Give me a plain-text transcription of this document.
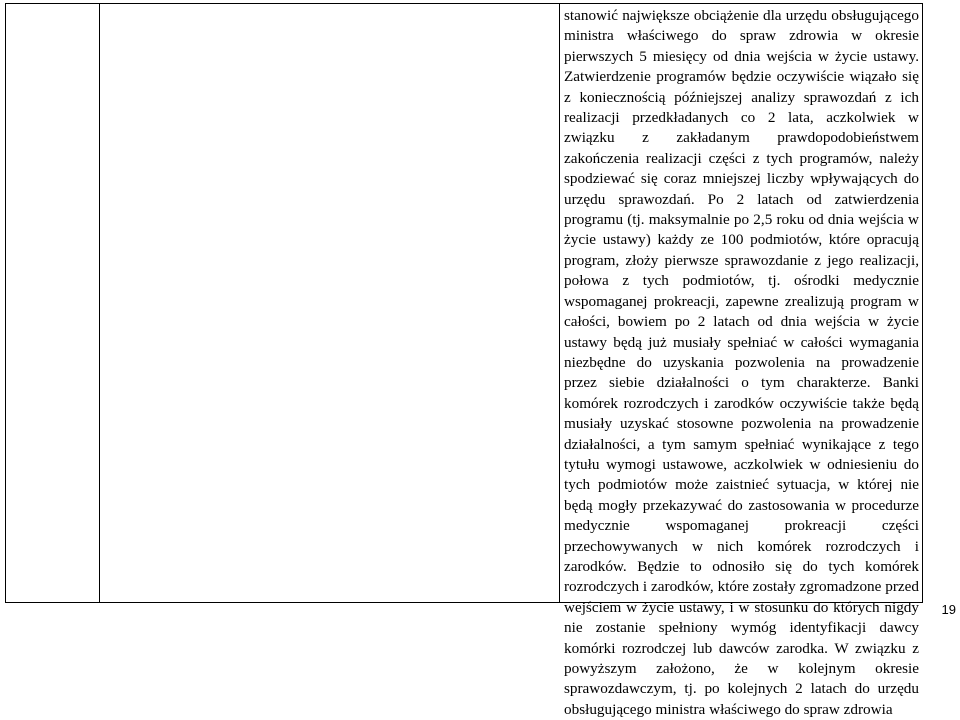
stanowić największe obciążenie dla urzędu obsługującego ministra właściwego do spraw zdrowia w okresie pierwszych 5 miesięcy od dnia wejścia w życie ustawy. Zatwierdzenie programów będzie oczywiście wiązało się z koniecznością późniejszej analizy sprawozdań z ich realizacji przedkładanych co 2 lata, aczkolwiek w związku z zakładanym prawdopodobieństwem zakończenia realizacji części z tych programów, należy spodziewać się coraz mniejszej liczby wpływających do urzędu sprawozdań. Po 2 latach od zatwierdzenia programu (tj. maksymalnie po 2,5 roku od dnia wejścia w życie ustawy) każdy ze 100 podmiotów, które opracują program, złoży pierwsze sprawozdanie z jego realizacji, połowa z tych podmiotów, tj. ośrodki medycznie wspomaganej prokreacji, zapewne zrealizują program w całości, bowiem po 2 latach od dnia wejścia w życie ustawy będą już musiały spełniać w całości wymagania niezbędne do uzyskania pozwolenia na prowadzenie przez siebie działalności o tym charakterze. Banki komórek rozrodczych i zarodków oczywiście także będą musiały uzyskać stosowne pozwolenia na prowadzenie działalności, a tym samym spełniać wynikające z tego tytułu wymogi ustawowe, aczkolwiek w odniesieniu do tych podmiotów może zaistnieć sytuacja, w której nie będą mogły przekazywać do zastosowania w procedurze medycznie wspomaganej prokreacji części przechowywanych w nich komórek rozrodczych i zarodków. Będzie to odnosiło się do tych komórek rozrodczych i zarodków, które zostały zgromadzone przed wejściem w życie ustawy, i w stosunku do których nigdy nie zostanie spełniony wymóg identyfikacji dawcy komórki rozrodczej lub dawców zarodka. W związku z powyższym założono, że w kolejnym okresie sprawozdawczym, tj. po kolejnych 2 latach do urzędu obsługującego ministra właściwego do spraw zdrowia

19
